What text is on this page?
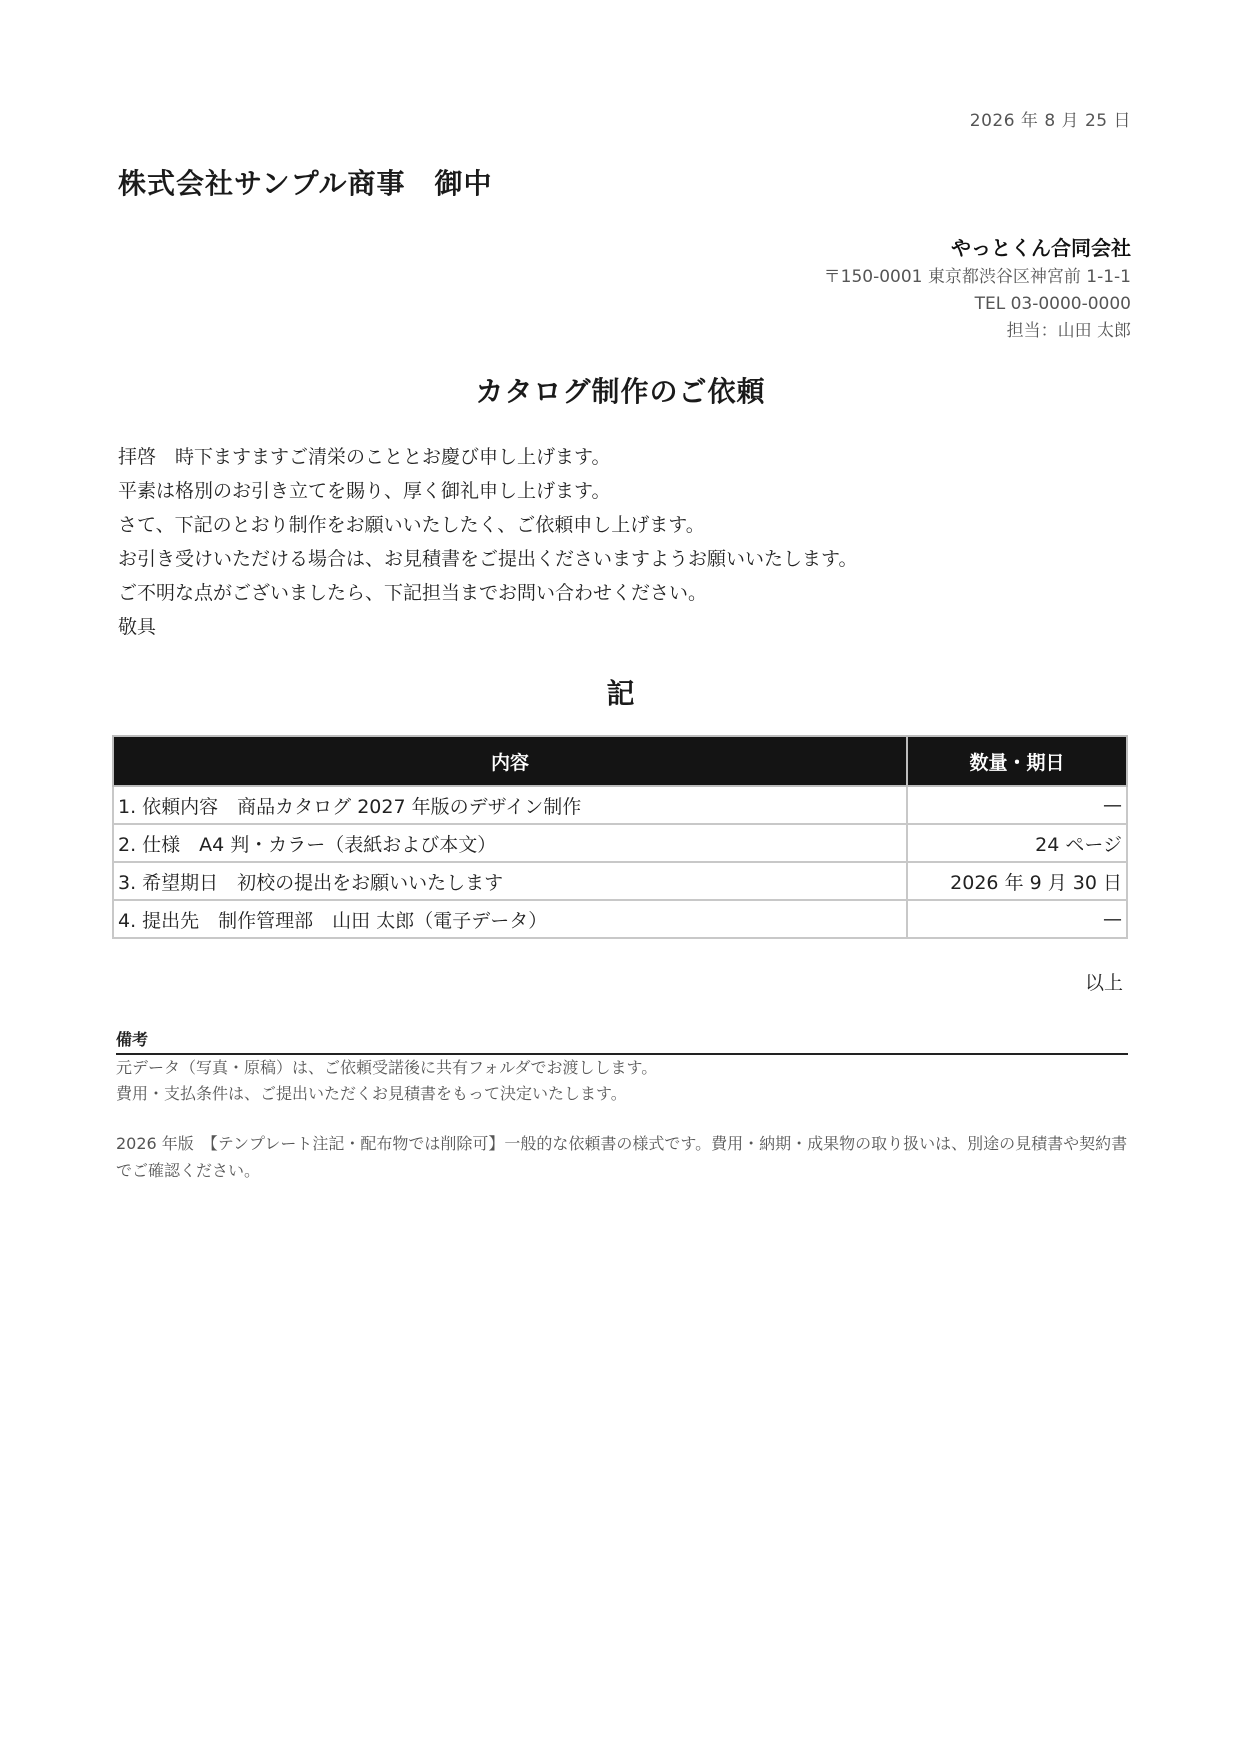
2026 年 8 月 25 日
株式会社サンプル商事　御中
やっとくん合同会社
〒150-0001 東京都渋谷区神宮前 1-1-1
TEL 03-0000-0000
担当：山田 太郎
カタログ制作のご依頼
拝啓　時下ますますご清栄のこととお慶び申し上げます。
平素は格別のお引き立てを賜り、厚く御礼申し上げます。
さて、下記のとおり制作をお願いいたしたく、ご依頼申し上げます。
お引き受けいただける場合は、お見積書をご提出くださいますようお願いいたします。
ご不明な点がございましたら、下記担当までお問い合わせください。
敬具
記
内容	数量・期日
1. 依頼内容　商品カタログ 2027 年版のデザイン制作	—
2. 仕様　A4 判・カラー（表紙および本文）	24 ページ
3. 希望期日　初校の提出をお願いいたします	2026 年 9 月 30 日
4. 提出先　制作管理部　山田 太郎（電子データ）	—
以上
備考
元データ（写真・原稿）は、ご依頼受諾後に共有フォルダでお渡しします。
費用・支払条件は、ご提出いただくお見積書をもって決定いたします。
2026 年版　【テンプレート注記・配布物では削除可】一般的な依頼書の様式です。費用・納期・成果物の取り扱いは、別途の見積書や契約書でご確認ください。
